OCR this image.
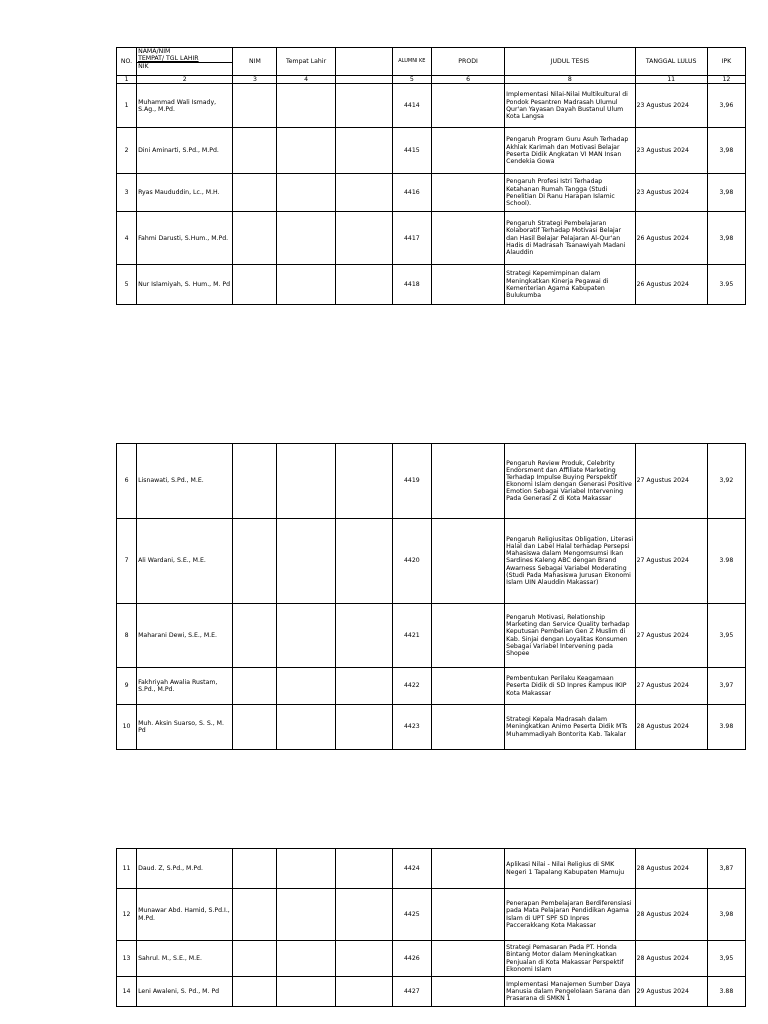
NO.	NAMA/NIM
TEMPAT/ TGL LAHIR
NIK	NIM	Tempat Lahir		ALUMNI KE	PRODI	JUDUL TESIS	TANGGAL LULUS	IPK
1	2	3	4		5	6	8	11	12
1	Muhammad Wali Ismady, S.Ag., M.Pd.				4414		Implementasi Nilai-Nilai Multikultural di Pondok Pesantren Madrasah Ulumul Qur'an Yayasan Dayah Bustanul Ulum Kota Langsa	23 Agustus 2024	3,96
2	Dini Aminarti, S.Pd., M.Pd.				4415		Pengaruh Program Guru Asuh Terhadap Akhlak Karimah dan Motivasi Belajar Peserta Didik Angkatan VI MAN Insan Cendekia Gowa	23 Agustus 2024	3,98
3	Ryas Maududdin, Lc., M.H.				4416		Pengaruh Profesi Istri Terhadap Ketahanan Rumah Tangga (Studi Penelitian Di Ranu Harapan Islamic School).	23 Agustus 2024	3,98
4	Fahmi Darusti, S.Hum., M.Pd.				4417		Pengaruh Strategi Pembelajaran Kolaboratif Terhadap Motivasi Belajar dan Hasil Belajar Pelajaran Al-Qur'an Hadis di Madrasah Tsanawiyah Madani Alauddin	26 Agustus 2024	3,98
5	Nur Islamiyah, S. Hum., M. Pd				4418		Strategi Kepemimpinan dalam Meningkatkan Kinerja Pegawai di Kementerian Agama Kabupaten Bulukumba	26 Agustus 2024	3.95
6	Lisnawati, S.Pd., M.E.				4419		Pengaruh Review Produk, Celebrity Endorsment dan Affiliate Marketing Terhadap Impulse Buying Perspektif Ekonomi Islam dengan Generasi Positive Emotion Sebagai Variabel Intervening Pada Generasi Z di Kota Makassar	27 Agustus 2024	3,92
7	Ali Wardani, S.E., M.E.				4420		Pengaruh Religiusitas Obligation, Literasi Halal dan Label Halal terhadap Persepsi Mahasiswa dalam Mengomsumsi Ikan Sardines Kaleng ABC dengan Brand Awarness Sebagai Variabel Moderating (Studi Pada Mahasiswa Jurusan Ekonomi Islam UIN Alauddin Makassar)	27 Agustus 2024	3.98
8	Maharani Dewi, S.E., M.E.				4421		Pengaruh Motivasi, Relationship Marketing dan Service Quality terhadap Keputusan Pembelian Gen Z Muslim di Kab. Sinjai dengan Loyalitas Konsumen Sebagai Variabel Intervening pada Shopee	27 Agustus 2024	3,95
9	Fakhriyah Awalia Rustam, S.Pd., M.Pd.				4422		Pembentukan Perilaku Keagamaan Peserta Didik di SD Inpres Kampus IKIP Kota Makassar	27 Agustus 2024	3,97
10	Muh. Aksin Suarso, S. S., M. Pd				4423		Strategi Kepala Madrasah dalam Meningkatkan Animo Peserta Didik MTs Muhammadiyah Bontorita Kab. Takalar	28 Agustus 2024	3.98
11	Daud. Z, S.Pd., M.Pd.				4424		Aplikasi Nilai - Nilai Religius di SMK Negeri 1 Tapalang Kabupaten Mamuju	28 Agustus 2024	3,87
12	Munawar Abd. Hamid, S.Pd.I., M.Pd.				4425		Penerapan Pembelajaran Berdiferensiasi pada Mata Pelajaran Pendidikan Agama Islam di UPT SPF SD Inpres Paccerakkang Kota Makassar	28 Agustus 2024	3,98
13	Sahrul. M., S.E., M.E.				4426		Strategi Pemasaran Pada PT. Honda Bintang Motor dalam Meningkatkan Penjualan di Kota Makassar Perspektif Ekonomi Islam	28 Agustus 2024	3,95
14	Leni Awaleni, S. Pd., M. Pd				4427		Implementasi Manajemen Sumber Daya Manusia dalam Pengelolaan Sarana dan Prasarana di SMKN 1	29 Agustus 2024	3.88
